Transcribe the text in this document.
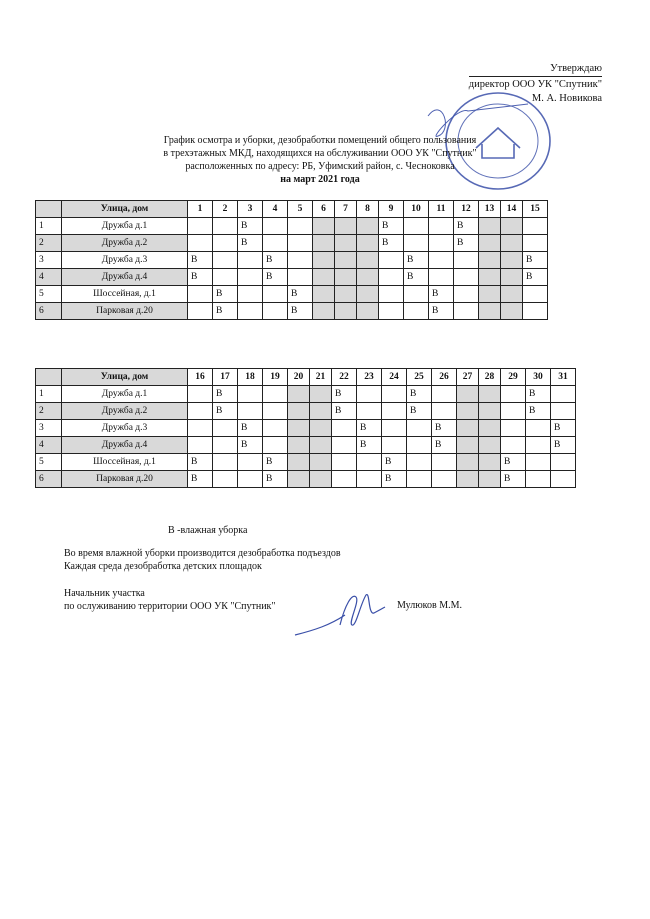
Утверждаю
директор ООО УК "Спутник"
М. А. Новикова
График осмотра и уборки, дезобработки помещений общего пользования
в трехэтажных МКД, находящихся на обслуживании ООО УК "Спутник"
расположенных по адресу: РБ, Уфимский район, с. Чесноковка
на март 2021 года
	Улица, дом	1	2	3	4	5	6	7	8	9	10	11	12	13	14	15
1	Дружба д.1			В						В			В			
2	Дружба д.2			В						В			В			
3	Дружба д.3	В			В						В					В
4	Дружба д.4	В			В						В					В
5	Шоссейная, д.1		В			В						В				
6	Парковая д.20		В			В						В				
	Улица, дом	16	17	18	19	20	21	22	23	24	25	26	27	28	29	30	31
1	Дружба д.1		В					В			В					В	
2	Дружба д.2		В					В			В					В	
3	Дружба д.3			В					В			В					В
4	Дружба д.4			В					В			В					В
5	Шоссейная, д.1	В			В					В					В		
6	Парковая д.20	В			В					В					В		
В -влажная уборка
Во время влажной уборки производится дезобработка подъездов
Каждая среда дезобработка детских площадок
Начальник участка
по ослуживанию территории ООО УК "Спутник"	Мулюков М.М.
